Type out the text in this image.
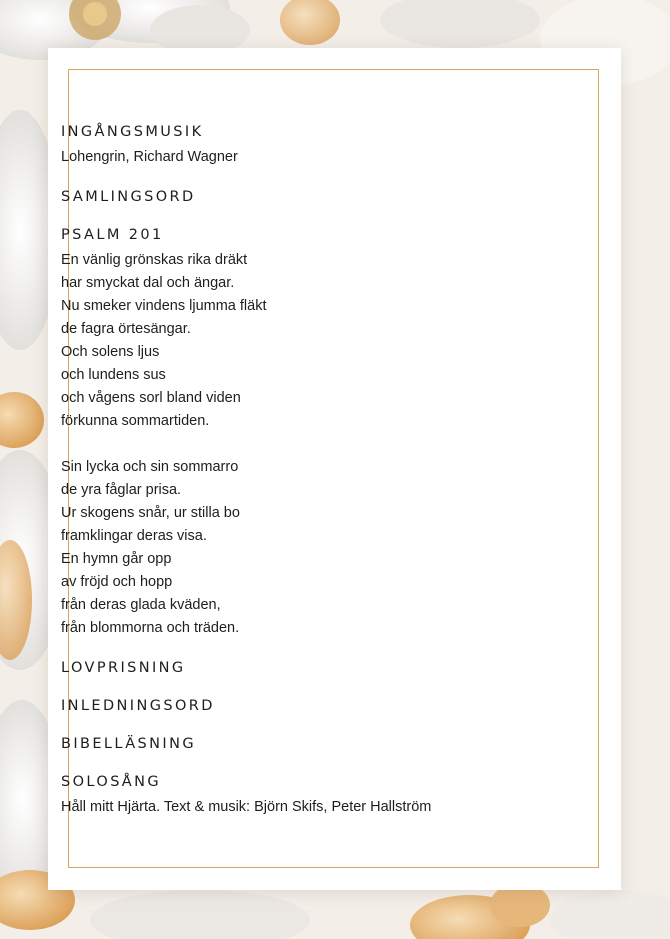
INGÅNGSMUSIK

Lohengrin, Richard Wagner

SAMLINGSORD
PSALM 201

En vänlig grönskas rika dräkt

har smyckat dal och ängar.

Nu smeker vindens ljumma fläkt

de fagra örtesängar.

Och solens ljus

och lundens sus

och vågens sorl bland viden

förkunna sommartiden.

Sin lycka och sin sommarro

de yra fåglar prisa.

Ur skogens snår, ur stilla bo

framklingar deras visa.

En hymn går opp

av fröjd och hopp

från deras glada kväden,

från blommorna och träden.

LOVPRISNING
INLEDNINGSORD
BIBELLÄSNING
SOLOSÅNG

Håll mitt Hjärta. Text & musik: Björn Skifs, Peter Hallström
